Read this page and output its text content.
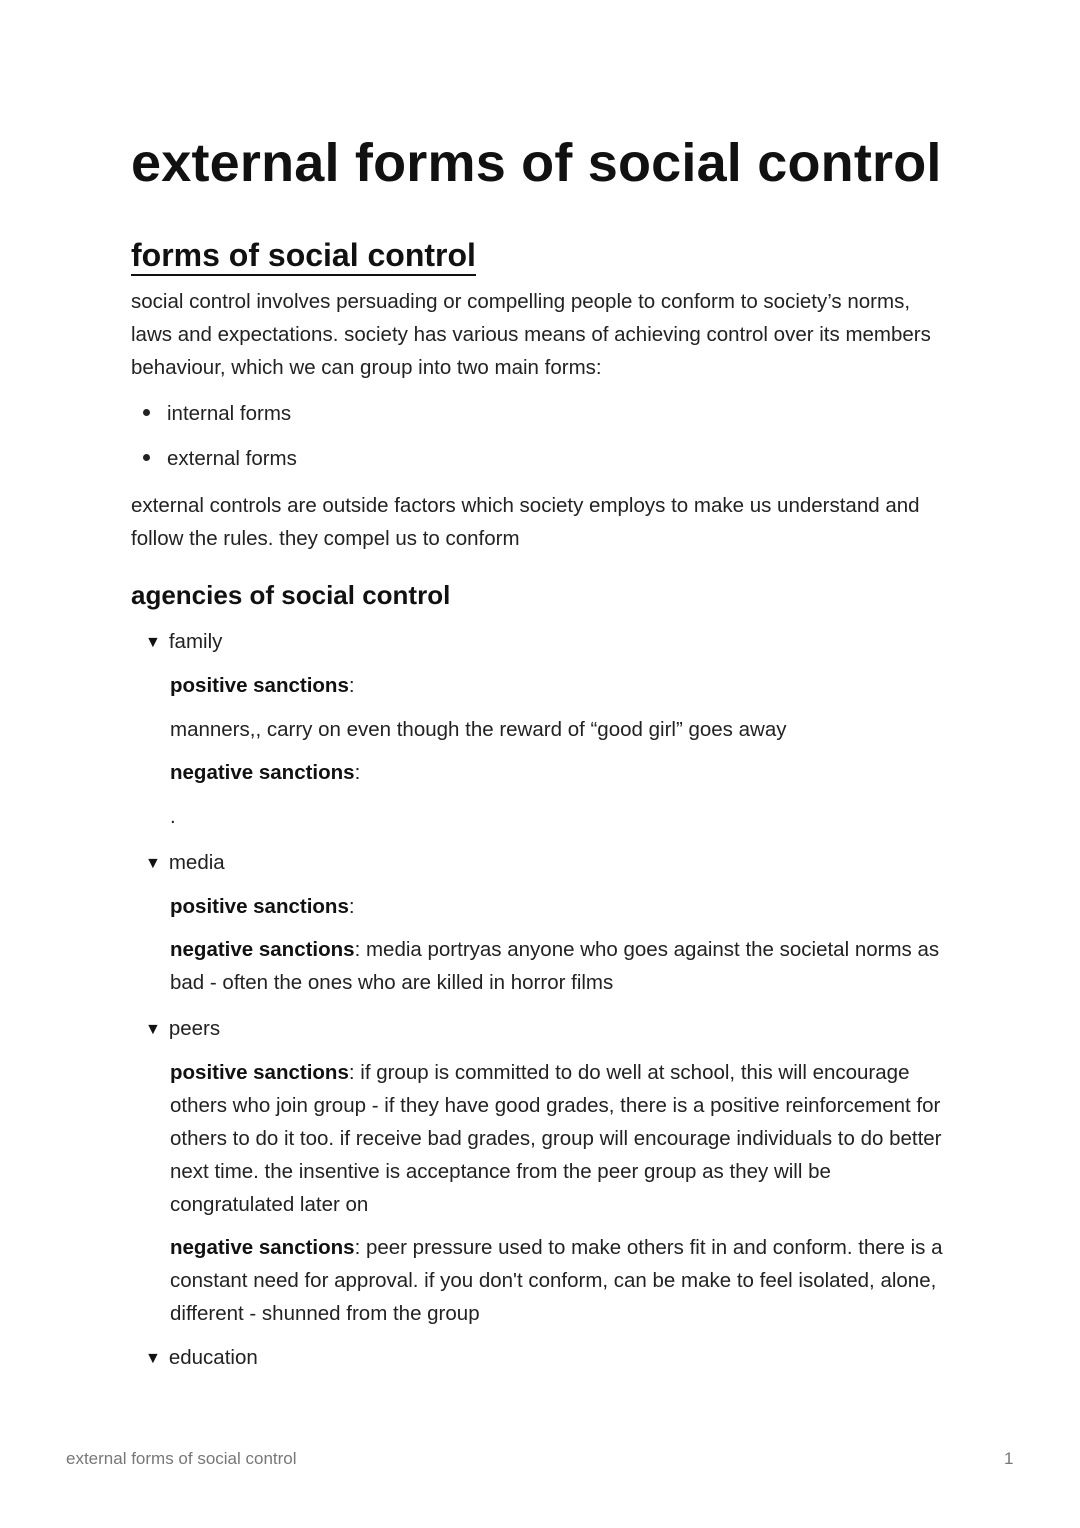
external forms of social control
forms of social control

social control involves persuading or compelling people to conform to society’s norms, laws and expectations. society has various means of achieving control over its members behaviour, which we can group into two main forms:

internal forms
external forms

external controls are outside factors which society employs to make us understand and follow the rules. they compel us to conform

agencies of social control
▼ family

positive sanctions:

manners,, carry on even though the reward of “good girl” goes away

negative sanctions:

.

▼ media

positive sanctions:

negative sanctions: media portryas anyone who goes against the societal norms as bad - often the ones who are killed in horror films

▼ peers

positive sanctions: if group is committed to do well at school, this will encourage others who join group - if they have good grades, there is a positive reinforcement for others to do it too. if receive bad grades, group will encourage individuals to do better next time. the insentive is acceptance from the peer group as they will be congratulated later on

negative sanctions: peer pressure used to make others fit in and conform. there is a constant need for approval. if you don't conform, can be make to feel isolated, alone, different - shunned from the group

▼ education
external forms of social control	1
